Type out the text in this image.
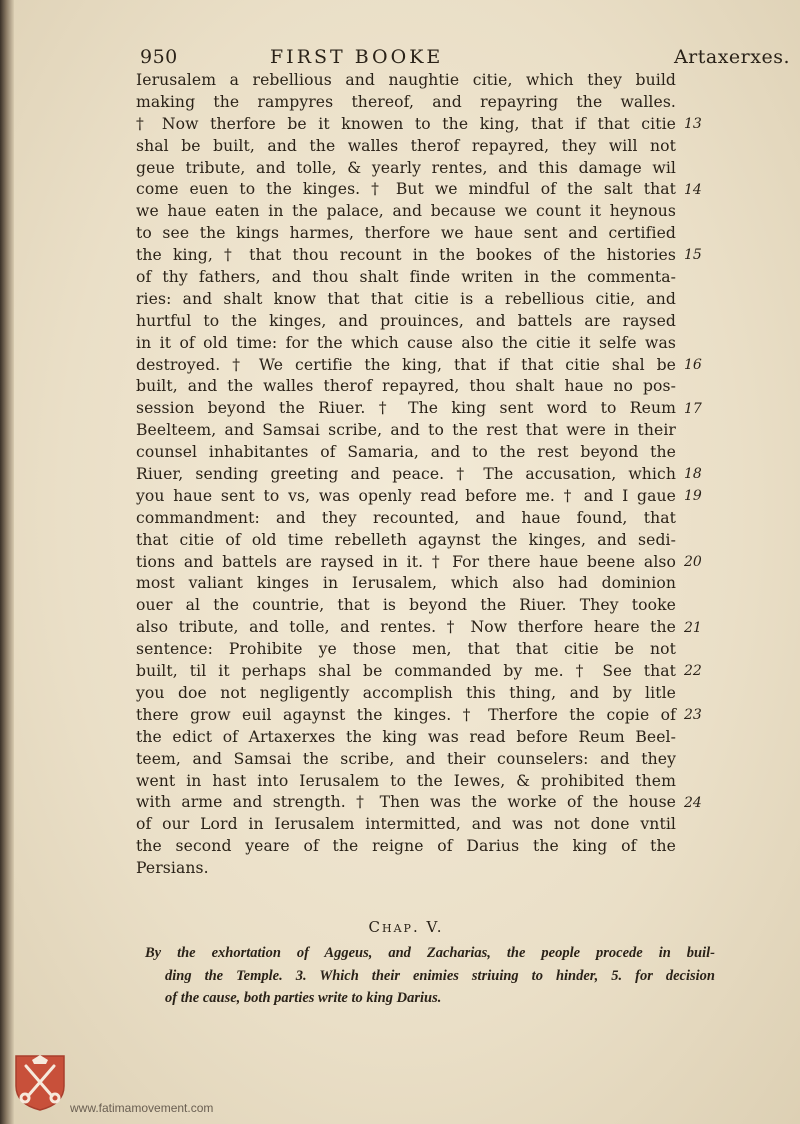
950	FIRST BOOKE	Artaxerxes.
Ierusalem a rebellious and naughtie citie, which they build
making the rampyres thereof, and repayring the walles.
† Now therfore be it knowen to the king, that if that citie
shal be built, and the walles therof repayred, they will not
geue tribute, and tolle, & yearly rentes, and this damage wil
come euen to the kinges. † But we mindful of the salt that
we haue eaten in the palace, and because we count it heynous
to see the kings harmes, therfore we haue sent and certified
the king, † that thou recount in the bookes of the histories
of thy fathers, and thou shalt finde writen in the commenta-
ries: and shalt know that that citie is a rebellious citie, and
hurtful to the kinges, and prouinces, and battels are raysed
in it of old time: for the which cause also the citie it selfe was
destroyed. † We certifie the king, that if that citie shal be
built, and the walles therof repayred, thou shalt haue no pos-
session beyond the Riuer. † The king sent word to Reum
Beelteem, and Samsai scribe, and to the rest that were in their
counsel inhabitantes of Samaria, and to the rest beyond the
Riuer, sending greeting and peace. † The accusation, which
you haue sent to vs, was openly read before me. † and I gaue
commandment: and they recounted, and haue found, that
that citie of old time rebelleth agaynst the kinges, and sedi-
tions and battels are raysed in it. † For there haue beene also
most valiant kinges in Ierusalem, which also had dominion
ouer al the countrie, that is beyond the Riuer. They tooke
also tribute, and tolle, and rentes. † Now therfore heare the
sentence: Prohibite ye those men, that that citie be not
built, til it perhaps shal be commanded by me. † See that
you doe not negligently accomplish this thing, and by litle
there grow euil agaynst the kinges. † Therfore the copie of
the edict of Artaxerxes the king was read before Reum Beel-
teem, and Samsai the scribe, and their counselers: and they
went in hast into Ierusalem to the Iewes, & prohibited them
with arme and strength. † Then was the worke of the house
of our Lord in Ierusalem intermitted, and was not done vntil
the second yeare of the reigne of Darius the king of the
Persians.
13
14
15
16
17
18
19
20
21
22
23
24
Chap. V.
By the exhortation of Aggeus, and Zacharias, the people procede in buil-
ding the Temple. 3. Which their enimies striuing to hinder, 5. for decision
of the cause, both parties write to king Darius.
www.fatimamovement.com
